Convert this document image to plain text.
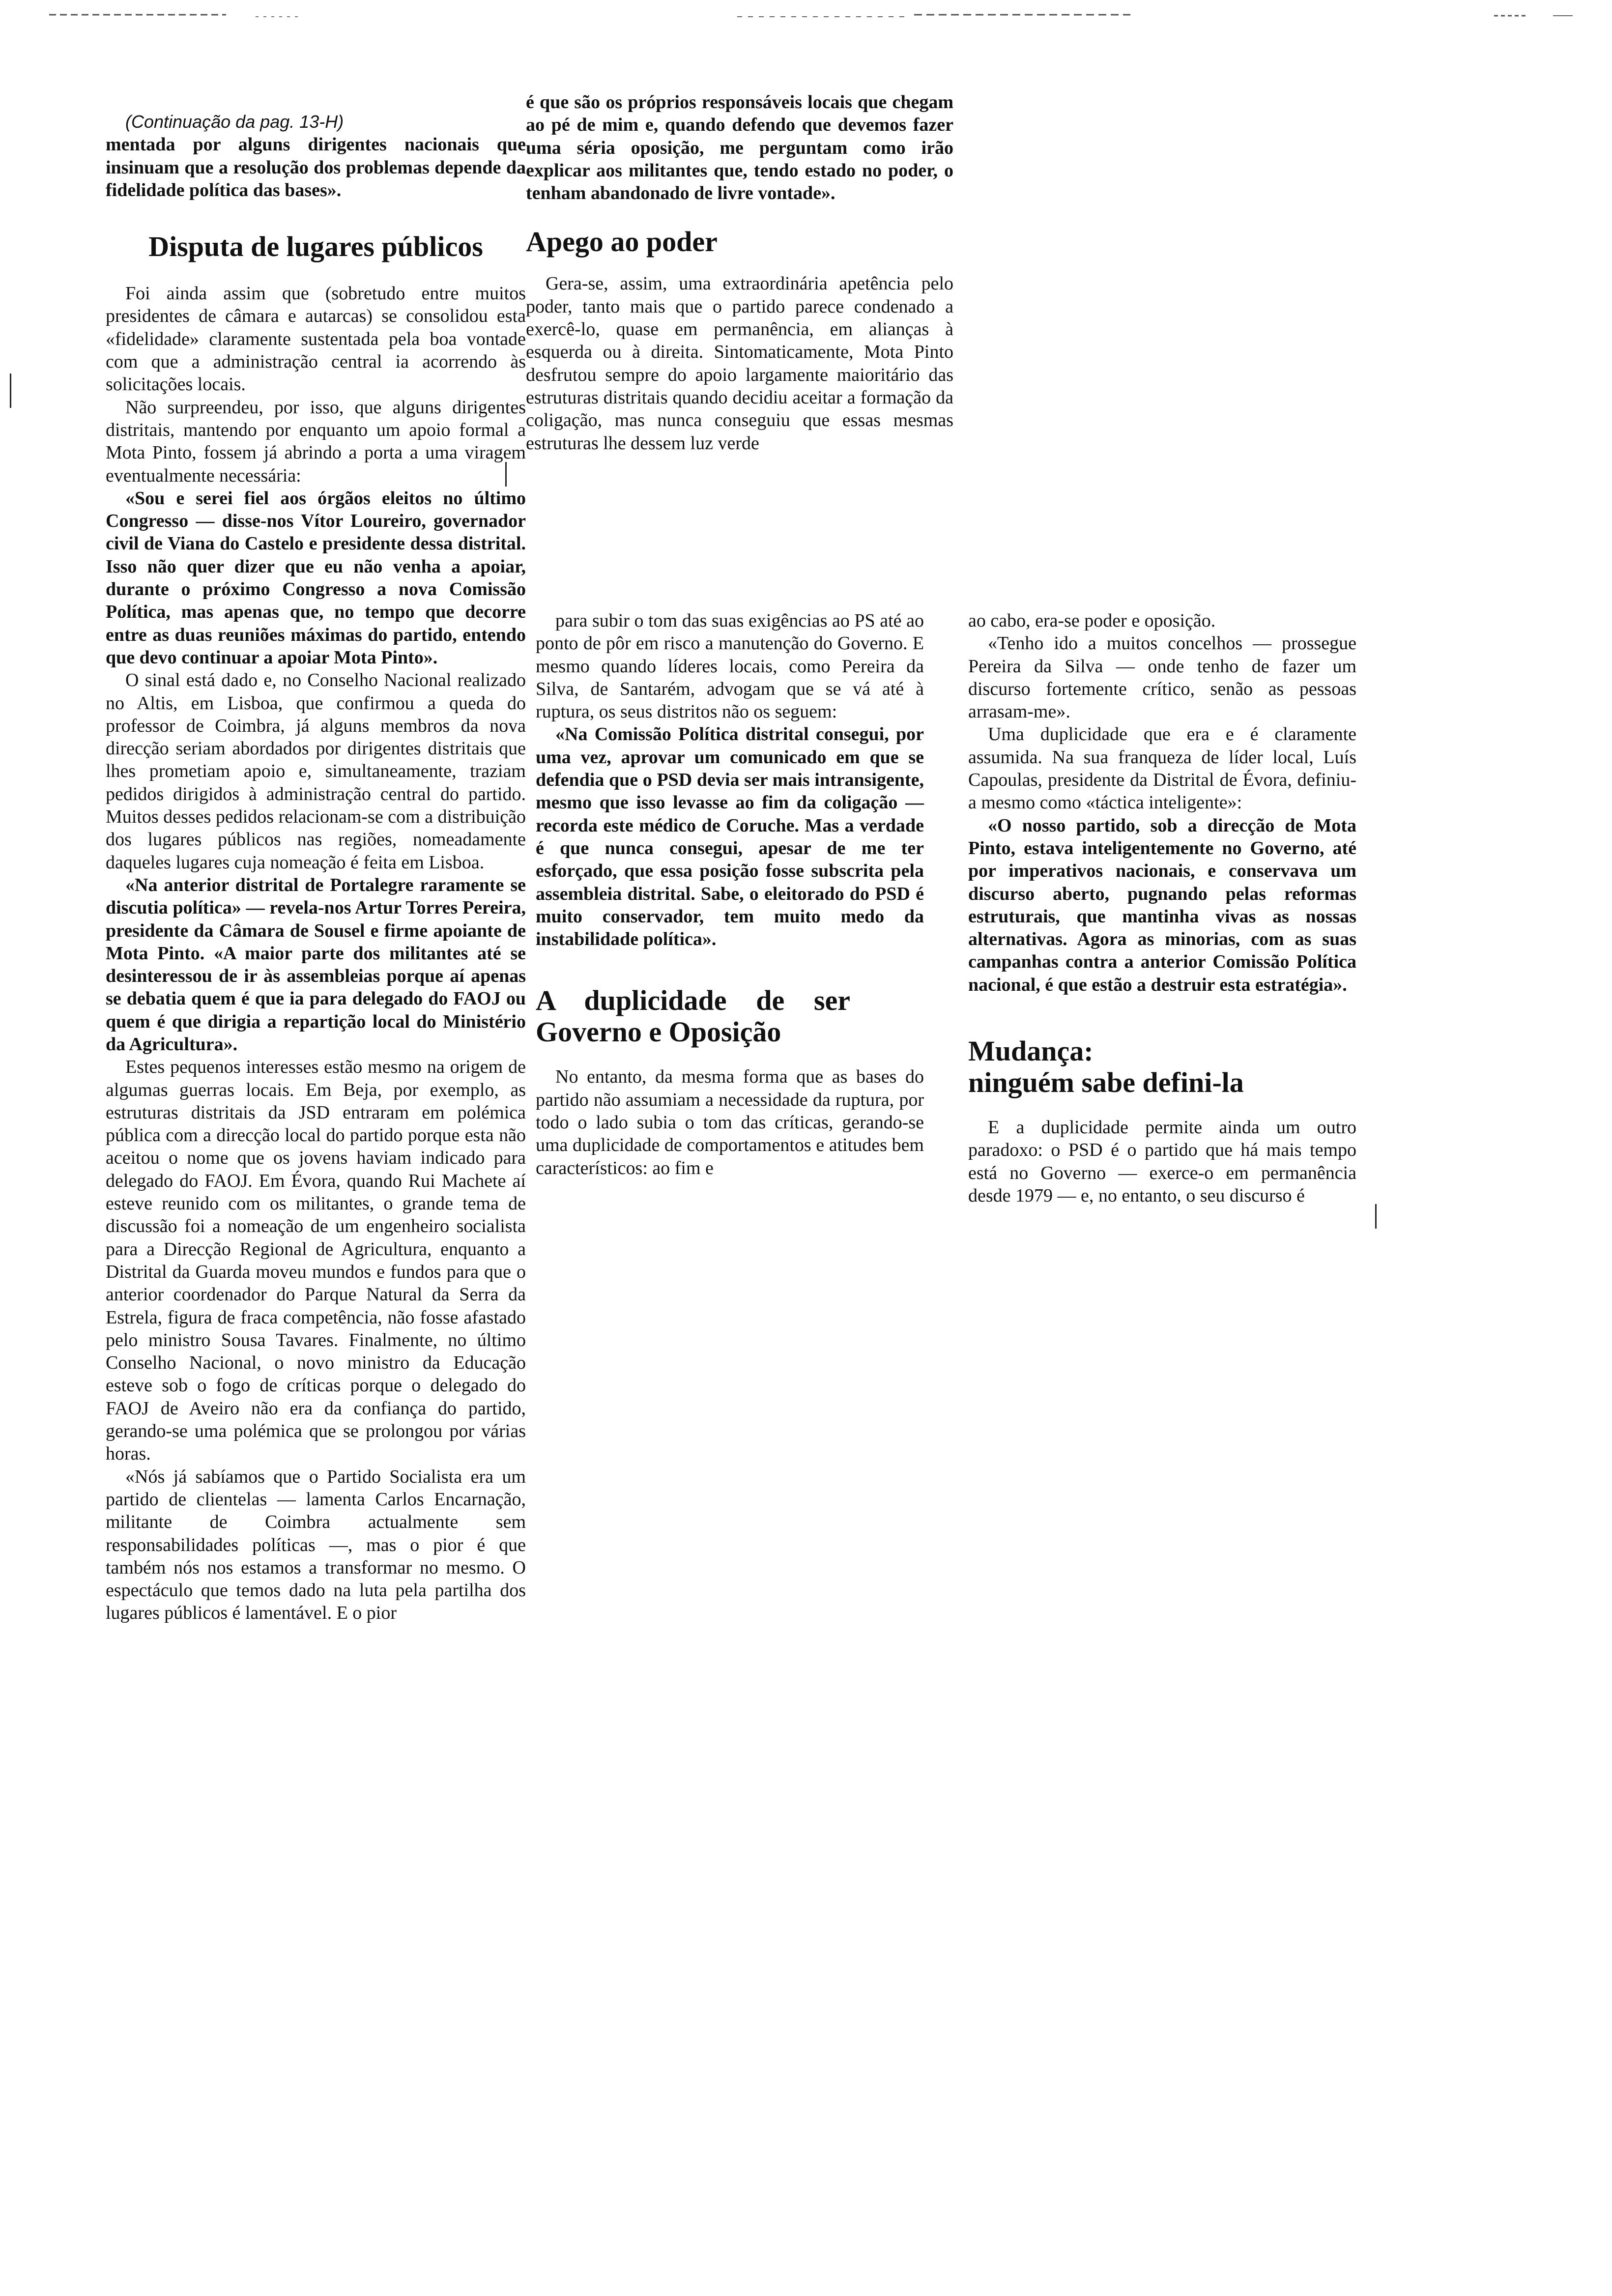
(Continuação da pag. 13-H)

mentada por alguns dirigentes nacionais que insinuam que a resolução dos problemas depende da fidelidade política das bases».

Disputa de lugares públicos

Foi ainda assim que (sobretudo entre muitos presidentes de câmara e autarcas) se consolidou esta «fidelidade» claramente sustentada pela boa vontade com que a administração central ia acorrendo às solicitações locais.

Não surpreendeu, por isso, que alguns dirigentes distritais, mantendo por enquanto um apoio formal a Mota Pinto, fossem já abrindo a porta a uma viragem eventualmente necessária:

«Sou e serei fiel aos órgãos eleitos no último Congresso — disse-nos Vítor Loureiro, governador civil de Viana do Castelo e presidente dessa distrital. Isso não quer dizer que eu não venha a apoiar, durante o próximo Congresso a nova Comissão Política, mas apenas que, no tempo que decorre entre as duas reuniões máximas do partido, entendo que devo continuar a apoiar Mota Pinto».

O sinal está dado e, no Conselho Nacional realizado no Altis, em Lisboa, que confirmou a queda do professor de Coimbra, já alguns membros da nova direcção seriam abordados por dirigentes distritais que lhes prometiam apoio e, simultaneamente, traziam pedidos dirigidos à administração central do partido. Muitos desses pedidos relacionam-se com a distribuição dos lugares públicos nas regiões, nomeadamente daqueles lugares cuja nomeação é feita em Lisboa.

«Na anterior distrital de Portalegre raramente se discutia política» — revela-nos Artur Torres Pereira, presidente da Câmara de Sousel e firme apoiante de Mota Pinto. «A maior parte dos militantes até se desinteressou de ir às assembleias porque aí apenas se debatia quem é que ia para delegado do FAOJ ou quem é que dirigia a repartição local do Ministério da Agricultura».

Estes pequenos interesses estão mesmo na origem de algumas guerras locais. Em Beja, por exemplo, as estruturas distritais da JSD entraram em polémica pública com a direcção local do partido porque esta não aceitou o nome que os jovens haviam indicado para delegado do FAOJ. Em Évora, quando Rui Machete aí esteve reunido com os militantes, o grande tema de discussão foi a nomeação de um engenheiro socialista para a Direcção Regional de Agricultura, enquanto a Distrital da Guarda moveu mundos e fundos para que o anterior coordenador do Parque Natural da Serra da Estrela, figura de fraca competência, não fosse afastado pelo ministro Sousa Tavares. Finalmente, no último Conselho Nacional, o novo ministro da Educação esteve sob o fogo de críticas porque o delegado do FAOJ de Aveiro não era da confiança do partido, gerando-se uma polémica que se prolongou por várias horas.

«Nós já sabíamos que o Partido Socialista era um partido de clientelas — lamenta Carlos Encarnação, militante de Coimbra actualmente sem responsabilidades políticas —, mas o pior é que também nós nos estamos a transformar no mesmo. O espectáculo que temos dado na luta pela partilha dos lugares públicos é lamentável. E o pior

é que são os próprios responsáveis locais que chegam ao pé de mim e, quando defendo que devemos fazer uma séria oposição, me perguntam como irão explicar aos militantes que, tendo estado no poder, o tenham abandonado de livre vontade».

Apego ao poder

Gera-se, assim, uma extraordinária apetência pelo poder, tanto mais que o partido parece condenado a exercê-lo, quase em permanência, em alianças à esquerda ou à direita. Sintomaticamente, Mota Pinto desfrutou sempre do apoio largamente maioritário das estruturas distritais quando decidiu aceitar a formação da coligação, mas nunca conseguiu que essas mesmas estruturas lhe dessem luz verde

para subir o tom das suas exigências ao PS até ao ponto de pôr em risco a manutenção do Governo. E mesmo quando líderes locais, como Pereira da Silva, de Santarém, advogam que se vá até à ruptura, os seus distritos não os seguem:

«Na Comissão Política distrital consegui, por uma vez, aprovar um comunicado em que se defendia que o PSD devia ser mais intransigente, mesmo que isso levasse ao fim da coligação — recorda este médico de Coruche. Mas a verdade é que nunca consegui, apesar de me ter esforçado, que essa posição fosse subscrita pela assembleia distrital. Sabe, o eleitorado do PSD é muito conservador, tem muito medo da instabilidade política».

A duplicidade de ser Governo e Oposição

No entanto, da mesma forma que as bases do partido não assumiam a necessidade da ruptura, por todo o lado subia o tom das críticas, gerando-se uma duplicidade de comportamentos e atitudes bem característicos: ao fim e

ao cabo, era-se poder e oposição.

«Tenho ido a muitos concelhos — prossegue Pereira da Silva — onde tenho de fazer um discurso fortemente crítico, senão as pessoas arrasam-me».

Uma duplicidade que era e é claramente assumida. Na sua franqueza de líder local, Luís Capoulas, presidente da Distrital de Évora, definiu-a mesmo como «táctica inteligente»:

«O nosso partido, sob a direcção de Mota Pinto, estava inteligentemente no Governo, até por imperativos nacionais, e conservava um discurso aberto, pugnando pelas reformas estruturais, que mantinha vivas as nossas alternativas. Agora as minorias, com as suas campanhas contra a anterior Comissão Política nacional, é que estão a destruir esta estratégia».

Mudança:
ninguém sabe defini-la

E a duplicidade permite ainda um outro paradoxo: o PSD é o partido que há mais tempo está no Governo — exerce-o em permanência desde 1979 — e, no entanto, o seu discurso é
